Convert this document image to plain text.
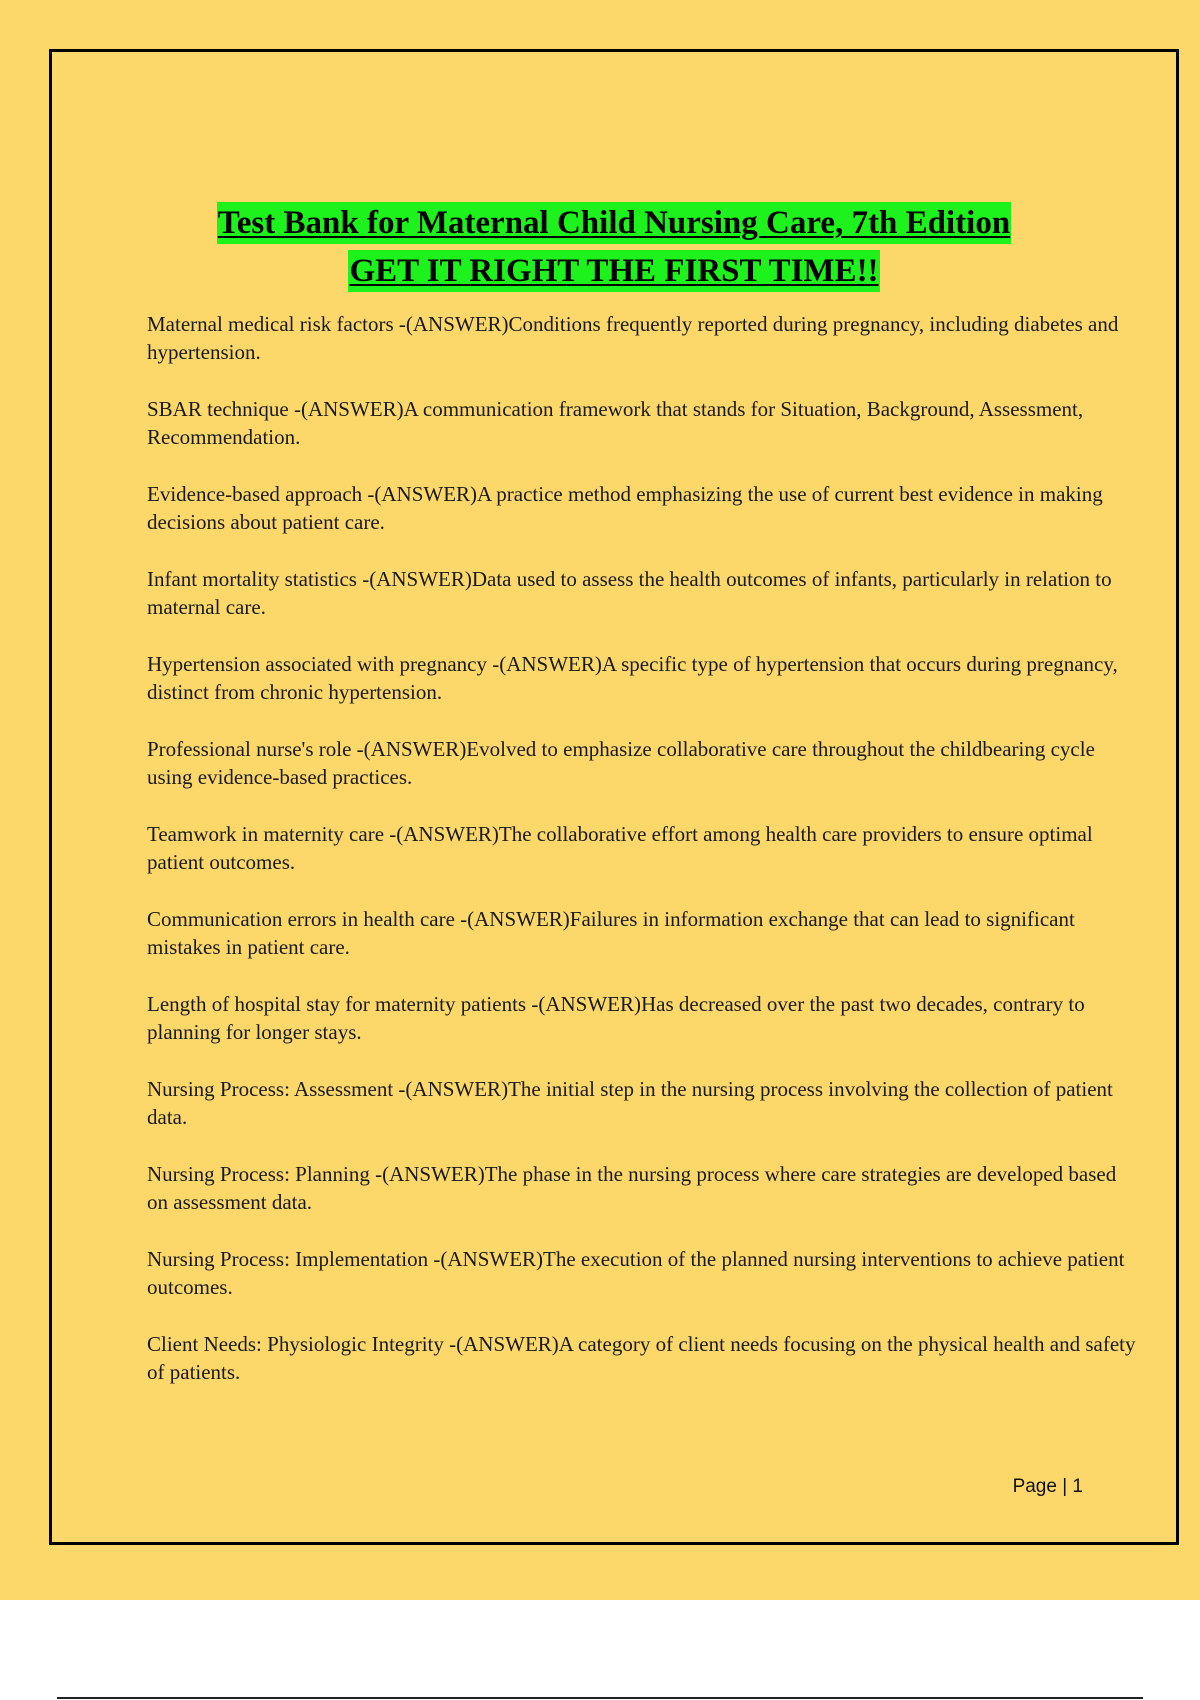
Test Bank for Maternal Child Nursing Care, 7th Edition
GET IT RIGHT THE FIRST TIME!!

Maternal medical risk factors -(ANSWER)Conditions frequently reported during pregnancy, including diabetes and hypertension.

SBAR technique -(ANSWER)A communication framework that stands for Situation, Background, Assessment, Recommendation.

Evidence-based approach -(ANSWER)A practice method emphasizing the use of current best evidence in making decisions about patient care.

Infant mortality statistics -(ANSWER)Data used to assess the health outcomes of infants, particularly in relation to maternal care.

Hypertension associated with pregnancy -(ANSWER)A specific type of hypertension that occurs during pregnancy, distinct from chronic hypertension.

Professional nurse's role -(ANSWER)Evolved to emphasize collaborative care throughout the childbearing cycle using evidence-based practices.

Teamwork in maternity care -(ANSWER)The collaborative effort among health care providers to ensure optimal patient outcomes.

Communication errors in health care -(ANSWER)Failures in information exchange that can lead to significant mistakes in patient care.

Length of hospital stay for maternity patients -(ANSWER)Has decreased over the past two decades, contrary to planning for longer stays.

Nursing Process: Assessment -(ANSWER)The initial step in the nursing process involving the collection of patient data.

Nursing Process: Planning -(ANSWER)The phase in the nursing process where care strategies are developed based on assessment data.

Nursing Process: Implementation -(ANSWER)The execution of the planned nursing interventions to achieve patient outcomes.

Client Needs: Physiologic Integrity -(ANSWER)A category of client needs focusing on the physical health and safety of patients.

Page | 1
